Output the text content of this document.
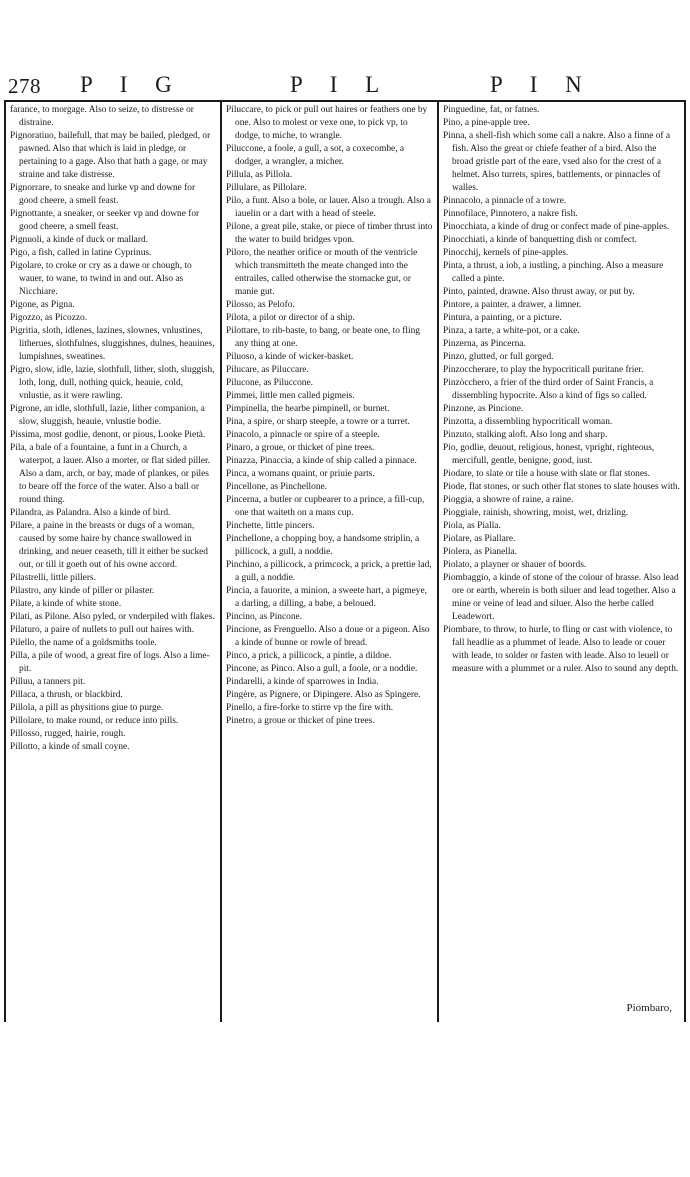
278 P I G	P I L	P I N

farance, to morgage. Also to seize, to distresse or distraine.

Pignoratiuo, bailefull, that may be bailed, pledged, or pawned. Also that which is laid in pledge, or pertaining to a gage. Also that hath a gage, or may straine and take distresse.

Pignorrare, to sneake and lurke vp and downe for good cheere, a smell feast.

Pignottante, a sneaker, or seeker vp and downe for good cheere, a smell feast.

Pignuoli, a kinde of duck or mallard.

Pigo, a fish, called in latine Cyprinus.

Pigolare, to croke or cry as a dawe or chough, to wauer, to wane, to twind in and out. Also as Nicchiare.

Pigone, as Pigna.

Pigozzo, as Picozzo.

Pigritia, sloth, idlenes, lazines, slownes, vnlustines, litherues, slothfulnes, sluggishnes, dulnes, heauines, lumpishnes, sweatines.

Pigro, slow, idle, lazie, slothfull, lither, sloth, sluggish, loth, long, dull, nothing quick, heauie, cold, vnlustie, as it were rawling.

Pigrone, an idle, slothfull, lazie, lither companion, a slow, sluggish, heauie, vnlustie bodie.

Pissima, most godlie, denont, or pious, Looke Pietà.

Pila, a bale of a fountaine, a funt in a Church, a waterpot, a lauer. Also a morter, or flat sided piller. Also a dam, arch, or bay, made of plankes, or piles to beare off the force of the water. Also a ball or round thing.

Pilandra, as Palandra. Also a kinde of bird.

Pilare, a paine in the breasts or dugs of a woman, caused by some haire by chance swallowed in drinking, and neuer ceaseth, till it either be sucked out, or till it goeth out of his owne accord.

Pilastrelli, little pillers.

Pilastro, any kinde of piller or pilaster.

Pilate, a kinde of white stone.

Pilati, as Pilone. Also pyled, or vnderpiled with flakes.

Pilaturo, a paire of nullets to pull out haires with.

Pilello, the name of a goldsmiths toole.

Pilla, a pile of wood, a great fire of logs. Also a lime-pit.

Pilluu, a tanners pit.

Pillaca, a thrush, or blackbird.

Pillola, a pill as physitions giue to purge.

Pillolare, to make round, or reduce into pills.

Pillosso, rugged, hairie, rough.

Pillotto, a kinde of small coyne.

Piluccare, to pick or pull out haires or feathers one by one. Also to molest or vexe one, to pick vp, to dodge, to miche, to wrangle.

Piluccone, a foole, a gull, a sot, a coxecombe, a dodger, a wrangler, a micher.

Pillula, as Pillola.

Pillulare, as Pillolare.

Pilo, a funt. Also a bole, or lauer. Also a trough. Also a iauelin or a dart with a head of steele.

Pilone, a great pile, stake, or piece of timber thrust into the water to build bridges vpon.

Piloro, the neather orifice or mouth of the ventricle which transmitteth the meate changed into the entrailes, called otherwise the stomacke gut, or manie gut.

Pilosso, as Pelofo.

Pilota, a pilot or director of a ship.

Pilottare, to rib-baste, to bang, or beate one, to fling any thing at one.

Piluoso, a kinde of wicker-basket.

Pilucare, as Piluccare.

Pilucone, as Piluccone.

Pimmei, little men called pigmeis.

Pimpinella, the hearbe pimpinell, or burnet.

Pina, a spire, or sharp steeple, a towre or a turret.

Pinacolo, a pinnacle or spire of a steeple.

Pinaro, a groue, or thicket of pine trees.

Pinazza, Pinaccia, a kinde of ship called a pinnace.

Pinca, a womans quaint, or priuie parts.

Pincellone, as Pinchellone.

Pincerna, a butler or cupbearer to a prince, a fill-cup, one that waiteth on a mans cup.

Pinchette, little pincers.

Pinchellone, a chopping boy, a handsome striplin, a pillicock, a gull, a noddie.

Pinchino, a pillicock, a primcock, a prick, a prettie lad, a gull, a noddie.

Pincia, a fauorite, a minion, a sweete hart, a pigmeye, a darling, a dilling, a babe, a beloued.

Pincino, as Pincone.

Pincione, as Frenguello. Also a doue or a pigeon. Also a kinde of bunne or rowle of bread.

Pinco, a prick, a pillicock, a pintle, a dildoe.

Pincone, as Pinco. Also a gull, a foole, or a noddie.

Pindarelli, a kinde of sparrowes in India.

Pingère, as Pignere, or Dipingere. Also as Spingere.

Pinello, a fire-forke to stirre vp the fire with.

Pinetro, a groue or thicket of pine trees.

Pinguedine, fat, or fatnes.

Pino, a pine-apple tree.

Pinna, a shell-fish which some call a nakre. Also a finne of a fish. Also the great or chiefe feather of a bird. Also the broad gristle part of the eare, vsed also for the crest of a helmet. Also turrets, spires, battlements, or pinnacles of walles.

Pinnacolo, a pinnacle of a towre.

Pinnofilace, Pinnotero, a nakre fish.

Pinocchiata, a kinde of drug or confect made of pine-apples.

Pinocchiati, a kinde of banquetting dish or comfect.

Pinocchij, kernels of pine-apples.

Pinta, a thrust, a iob, a iustling, a pinching. Also a measure called a pinte.

Pinto, painted, drawne. Also thrust away, or put by.

Pintore, a painter, a drawer, a limner.

Pintura, a painting, or a picture.

Pinza, a tarte, a white-pot, or a cake.

Pinzerna, as Pincerna.

Pinzo, glutted, or full gorged.

Pinzoccherare, to play the hypocriticall puritane frier.

Pinzòcchero, a frier of the third order of Saint Francis, a dissembling hypocrite. Also a kind of figs so called.

Pinzone, as Pincione.

Pinzotta, a dissembling hypocriticall woman.

Pinzuto, stalking aloft. Also long and sharp.

Pio, godlie, deuout, religious, honest, vpright, righteous, mercifull, gentle, benigne, good, iust.

Piodare, to slate or tile a house with slate or flat stones.

Piode, flat stones, or such other flat stones to slate houses with.

Pioggia, a showre of raine, a raine.

Pioggiale, rainish, showring, moist, wet, drizling.

Piola, as Pialla.

Piolare, as Piallare.

Piolera, as Pianella.

Piolato, a playner or shauer of boords.

Piombaggio, a kinde of stone of the colour of brasse. Also lead ore or earth, wherein is both siluer and lead together. Also a mine or veine of lead and siluer. Also the herbe called Leadewort.

Piombare, to throw, to hurle, to fling or cast with violence, to fall headlie as a plummet of leade. Also to leade or couer with leade, to solder or fasten with leade. Also to leuell or measure with a plummet or a ruler. Also to sound any depth.

Piombaro,
